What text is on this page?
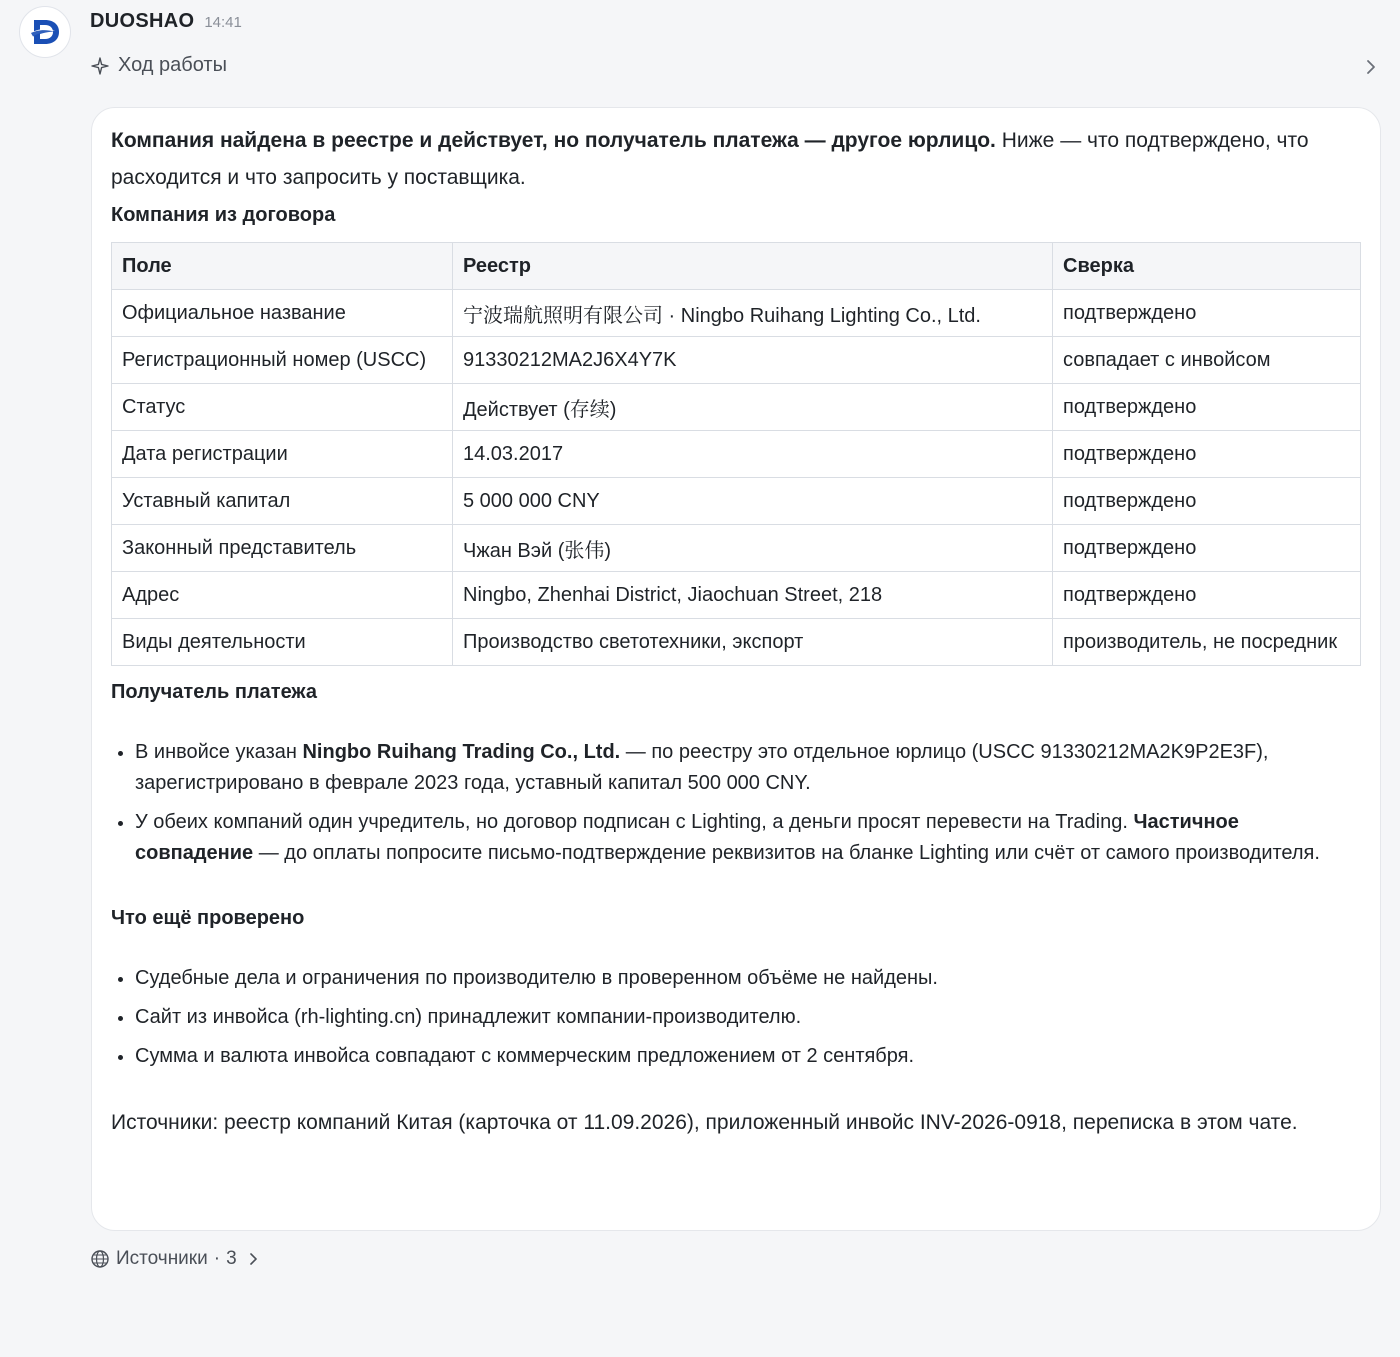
DUOSHAO 14:41
Ход работы

Компания найдена в реестре и действует, но получатель платежа — другое юрлицо. Ниже — что подтверждено, что расходится и что запросить у поставщика.

Компания из договора

Поле	Реестр	Сверка
Официальное название	宁波瑞航照明有限公司 · Ningbo Ruihang Lighting Co., Ltd.	подтверждено
Регистрационный номер (USCC)	91330212MA2J6X4Y7K	совпадает с инвойсом
Статус	Действует (存续)	подтверждено
Дата регистрации	14.03.2017	подтверждено
Уставный капитал	5 000 000 CNY	подтверждено
Законный представитель	Чжан Вэй (张伟)	подтверждено
Адрес	Ningbo, Zhenhai District, Jiaochuan Street, 218	подтверждено
Виды деятельности	Производство светотехники, экспорт	производитель, не посредник

Получатель платежа

• В инвойсе указан Ningbo Ruihang Trading Co., Ltd. — по реестру это отдельное юрлицо (USCC 91330212MA2K9P2E3F), зарегистрировано в феврале 2023 года, уставный капитал 500 000 CNY.
• У обеих компаний один учредитель, но договор подписан с Lighting, а деньги просят перевести на Trading. Частичное совпадение — до оплаты попросите письмо-подтверждение реквизитов на бланке Lighting или счёт от самого производителя.

Что ещё проверено

• Судебные дела и ограничения по производителю в проверенном объёме не найдены.
• Сайт из инвойса (rh-lighting.cn) принадлежит компании-производителю.
• Сумма и валюта инвойса совпадают с коммерческим предложением от 2 сентября.

Источники: реестр компаний Китая (карточка от 11.09.2026), приложенный инвойс INV-2026-0918, переписка в этом чате.

Источники · 3
